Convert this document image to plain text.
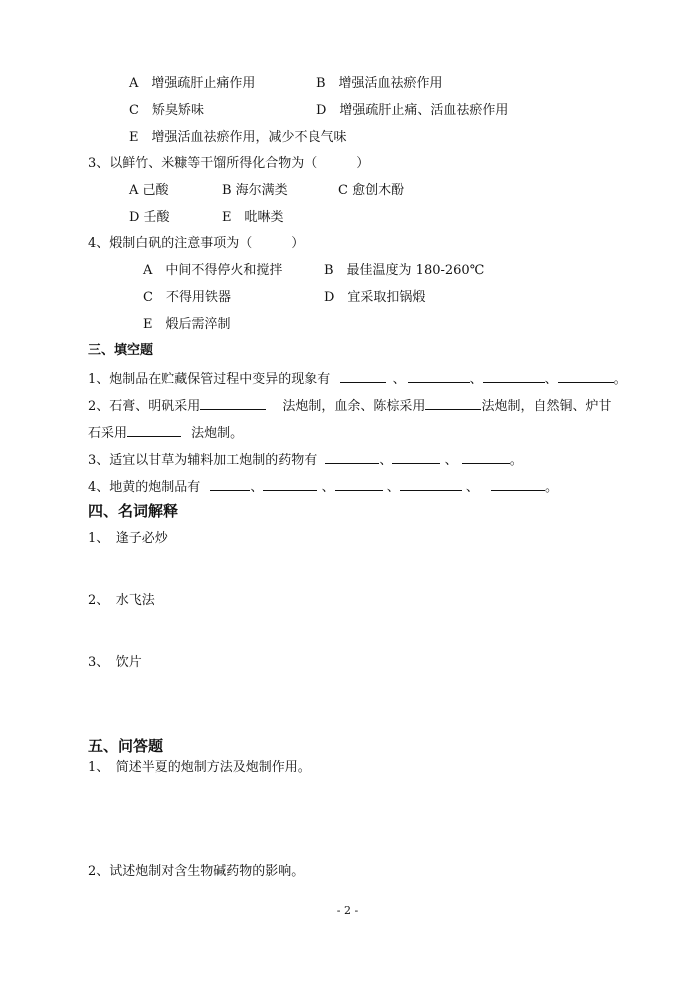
A　增强疏肝止痛作用	B　增强活血祛瘀作用
C　矫臭矫味	D　增强疏肝止痛、活血祛瘀作用
E　增强活血祛瘀作用，减少不良气味
3、以鲜竹、米糠等干馏所得化合物为（　　　）
A 己酸	B 海尔满类	C 愈创木酚
D 壬酸	E　吡啉类
4、煅制白矾的注意事项为（　　　）
A　中间不得停火和搅拌	B　最佳温度为 180-260℃
C　不得用铁器	D　宜采取扣锅煅
E　煅后需淬制
三、填空题
1、炮制品在贮藏保管过程中变异的现象有	、	、	、	。
2、石膏、明矾采用	法炮制，血余、陈棕采用	法炮制，自然铜、炉甘
石采用	法炮制。
3、适宜以甘草为辅料加工炮制的药物有	、	、	。
4、地黄的炮制品有	、	、	、	、	。
四、名词解释
1、　逢子必炒
2、　水飞法
3、　饮片
五、问答题
1、　简述半夏的炮制方法及炮制作用。
2、试述炮制对含生物碱药物的影响。
- 2 -
